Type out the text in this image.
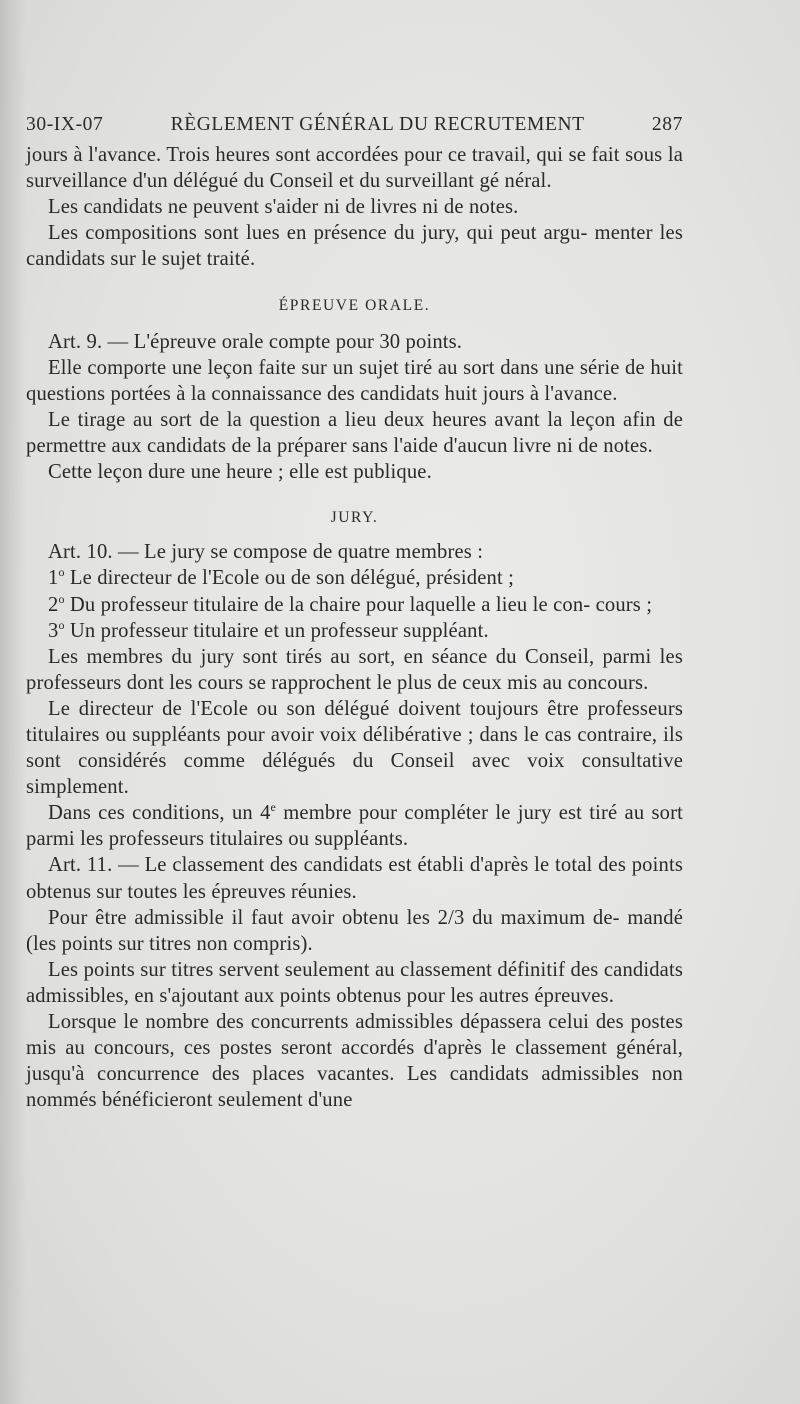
30-IX-07	RÈGLEMENT GÉNÉRAL DU RECRUTEMENT	287

jours à l'avance. Trois heures sont accordées pour ce travail, qui se fait sous la surveillance d'un délégué du Conseil et du surveillant gé néral.

Les candidats ne peuvent s'aider ni de livres ni de notes.

Les compositions sont lues en présence du jury, qui peut argu- menter les candidats sur le sujet traité.

ÉPREUVE ORALE.

Art. 9. — L'épreuve orale compte pour 30 points.

Elle comporte une leçon faite sur un sujet tiré au sort dans une série de huit questions portées à la connaissance des candidats huit jours à l'avance.

Le tirage au sort de la question a lieu deux heures avant la leçon afin de permettre aux candidats de la préparer sans l'aide d'aucun livre ni de notes.

Cette leçon dure une heure ; elle est publique.

JURY.

Art. 10. — Le jury se compose de quatre membres :

1$^o$ Le directeur de l'Ecole ou de son délégué, président ;

2$^o$ Du professeur titulaire de la chaire pour laquelle a lieu le con- cours ;

3$^o$ Un professeur titulaire et un professeur suppléant.

Les membres du jury sont tirés au sort, en séance du Conseil, parmi les professeurs dont les cours se rapprochent le plus de ceux mis au concours.

Le directeur de l'Ecole ou son délégué doivent toujours être professeurs titulaires ou suppléants pour avoir voix délibérative ; dans le cas contraire, ils sont considérés comme délégués du Conseil avec voix consultative simplement.

Dans ces conditions, un 4e membre pour compléter le jury est tiré au sort parmi les professeurs titulaires ou suppléants.

Art. 11. — Le classement des candidats est établi d'après le total des points obtenus sur toutes les épreuves réunies.

Pour être admissible il faut avoir obtenu les 2/3 du maximum de- mandé (les points sur titres non compris).

Les points sur titres servent seulement au classement définitif des candidats admissibles, en s'ajoutant aux points obtenus pour les autres épreuves.

Lorsque le nombre des concurrents admissibles dépassera celui des postes mis au concours, ces postes seront accordés d'après le classement général, jusqu'à concurrence des places vacantes. Les candidats admissibles non nommés bénéficieront seulement d'une
